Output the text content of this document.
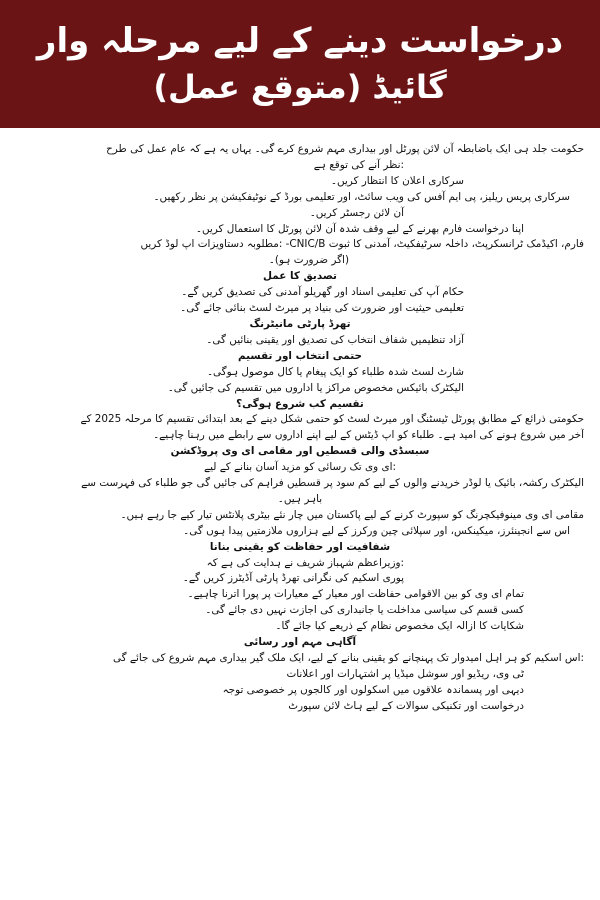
درخواست دینے کے لیے مرحلہ وار
گائیڈ (متوقع عمل)
حکومت جلد ہی ایک باضابطہ آن لائن پورٹل اور بیداری مہم شروع کرے گی۔ یہاں یہ ہے کہ عام عمل کی طرح
:نظر آنے کی توقع ہے
سرکاری اعلان کا انتظار کریں۔
سرکاری پریس ریلیز، پی ایم آفس کی ویب سائٹ، اور تعلیمی بورڈ کے نوٹیفکیشن پر نظر رکھیں۔
آن لائن رجسٹر کریں۔
اپنا درخواست فارم بھرنے کے لیے وقف شدہ آن لائن پورٹل کا استعمال کریں۔
فارم، اکیڈمک ٹرانسکرپٹ، داخلہ سرٹیفکیٹ، آمدنی کا ثبوت CNIC/B- :مطلوبہ دستاویزات اپ لوڈ کریں
(اگر ضرورت ہو)۔
تصدیق کا عمل
حکام آپ کی تعلیمی اسناد اور گھریلو آمدنی کی تصدیق کریں گے۔
تعلیمی حیثیت اور ضرورت کی بنیاد پر میرٹ لسٹ بنائی جائے گی۔
تھرڈ پارٹی مانیٹرنگ
آزاد تنظیمیں شفاف انتخاب کی تصدیق اور یقینی بنائیں گی۔
حتمی انتخاب اور تقسیم
شارٹ لسٹ شدہ طلباء کو ایک پیغام یا کال موصول ہوگی۔
الیکٹرک بائیکس مخصوص مراکز یا اداروں میں تقسیم کی جائیں گی۔
تقسیم کب شروع ہوگی؟
حکومتی ذرائع کے مطابق پورٹل ٹیسٹنگ اور میرٹ لسٹ کو حتمی شکل دینے کے بعد ابتدائی تقسیم کا مرحلہ 2025 کے
آخر میں شروع ہونے کی امید ہے۔ طلباء کو اپ ڈیٹس کے لیے اپنے اداروں سے رابطے میں رہنا چاہیے۔
سبسڈی والی قسطیں اور مقامی ای وی پروڈکشن
:ای وی تک رسائی کو مزید آسان بنانے کے لیے
الیکٹرک رکشہ، بائیک یا لوڈر خریدنے والوں کے لیے کم سود پر قسطیں فراہم کی جائیں گی جو طلباء کی فہرست سے
باہر ہیں۔
مقامی ای وی مینوفیکچرنگ کو سپورٹ کرنے کے لیے پاکستان میں چار نئے بیٹری پلانٹس تیار کیے جا رہے ہیں۔
اس سے انجینئرز، میکینکس، اور سپلائی چین ورکرز کے لیے ہزاروں ملازمتیں پیدا ہوں گی۔
شفافیت اور حفاظت کو یقینی بنانا
:وزیراعظم شہباز شریف نے ہدایت کی ہے کہ
پوری اسکیم کی نگرانی تھرڈ پارٹی آڈیٹرز کریں گے۔
تمام ای وی کو بین الاقوامی حفاظت اور معیار کے معیارات پر پورا اترنا چاہیے۔
کسی قسم کی سیاسی مداخلت یا جانبداری کی اجازت نہیں دی جائے گی۔
شکایات کا ازالہ ایک مخصوص نظام کے ذریعے کیا جائے گا۔
آگاہی مہم اور رسائی
:اس اسکیم کو ہر اہل امیدوار تک پہنچانے کو یقینی بنانے کے لیے، ایک ملک گیر بیداری مہم شروع کی جائے گی
ٹی وی، ریڈیو اور سوشل میڈیا پر اشتہارات اور اعلانات
دیہی اور پسماندہ علاقوں میں اسکولوں اور کالجوں پر خصوصی توجہ
درخواست اور تکنیکی سوالات کے لیے ہاٹ لائن سپورٹ
